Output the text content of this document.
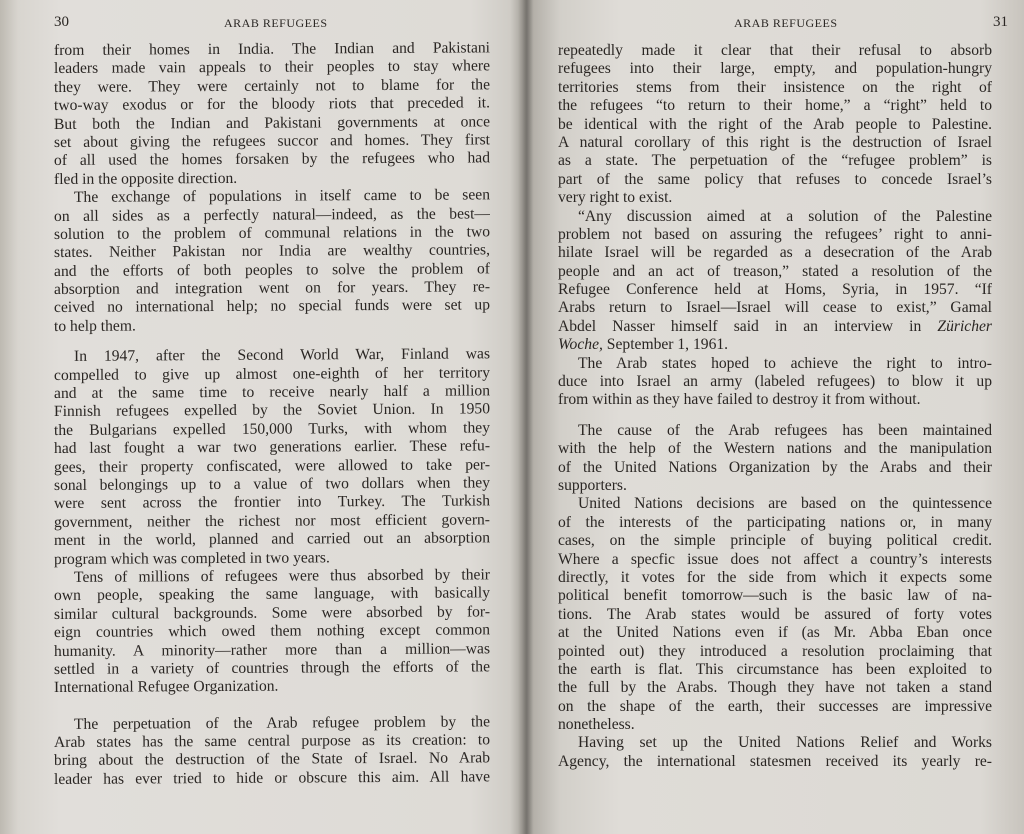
30	ARAB REFUGEES
from their homes in India. The Indian and Pakistani
leaders made vain appeals to their peoples to stay where
they were. They were certainly not to blame for the
two-way exodus or for the bloody riots that preceded it.
But both the Indian and Pakistani governments at once
set about giving the refugees succor and homes. They first
of all used the homes forsaken by the refugees who had
fled in the opposite direction.
The exchange of populations in itself came to be seen
on all sides as a perfectly natural—indeed, as the best—
solution to the problem of communal relations in the two
states. Neither Pakistan nor India are wealthy countries,
and the efforts of both peoples to solve the problem of
absorption and integration went on for years. They re-
ceived no international help; no special funds were set up
to help them.
In 1947, after the Second World War, Finland was
compelled to give up almost one-eighth of her territory
and at the same time to receive nearly half a million
Finnish refugees expelled by the Soviet Union. In 1950
the Bulgarians expelled 150,000 Turks, with whom they
had last fought a war two generations earlier. These refu-
gees, their property confiscated, were allowed to take per-
sonal belongings up to a value of two dollars when they
were sent across the frontier into Turkey. The Turkish
government, neither the richest nor most efficient govern-
ment in the world, planned and carried out an absorption
program which was completed in two years.
Tens of millions of refugees were thus absorbed by their
own people, speaking the same language, with basically
similar cultural backgrounds. Some were absorbed by for-
eign countries which owed them nothing except common
humanity. A minority—rather more than a million—was
settled in a variety of countries through the efforts of the
International Refugee Organization.
The perpetuation of the Arab refugee problem by the
Arab states has the same central purpose as its creation: to
bring about the destruction of the State of Israel. No Arab
leader has ever tried to hide or obscure this aim. All have
ARAB REFUGEES	31
repeatedly made it clear that their refusal to absorb
refugees into their large, empty, and population-hungry
territories stems from their insistence on the right of
the refugees “to return to their home,” a “right” held to
be identical with the right of the Arab people to Palestine.
A natural corollary of this right is the destruction of Israel
as a state. The perpetuation of the “refugee problem” is
part of the same policy that refuses to concede Israel’s
very right to exist.
“Any discussion aimed at a solution of the Palestine
problem not based on assuring the refugees’ right to anni-
hilate Israel will be regarded as a desecration of the Arab
people and an act of treason,” stated a resolution of the
Refugee Conference held at Homs, Syria, in 1957. “If
Arabs return to Israel—Israel will cease to exist,” Gamal
Abdel Nasser himself said in an interview in Züricher
Woche, September 1, 1961.
The Arab states hoped to achieve the right to intro-
duce into Israel an army (labeled refugees) to blow it up
from within as they have failed to destroy it from without.
The cause of the Arab refugees has been maintained
with the help of the Western nations and the manipulation
of the United Nations Organization by the Arabs and their
supporters.
United Nations decisions are based on the quintessence
of the interests of the participating nations or, in many
cases, on the simple principle of buying political credit.
Where a specfic issue does not affect a country’s interests
directly, it votes for the side from which it expects some
political benefit tomorrow—such is the basic law of na-
tions. The Arab states would be assured of forty votes
at the United Nations even if (as Mr. Abba Eban once
pointed out) they introduced a resolution proclaiming that
the earth is flat. This circumstance has been exploited to
the full by the Arabs. Though they have not taken a stand
on the shape of the earth, their successes are impressive
nonetheless.
Having set up the United Nations Relief and Works
Agency, the international statesmen received its yearly re-
